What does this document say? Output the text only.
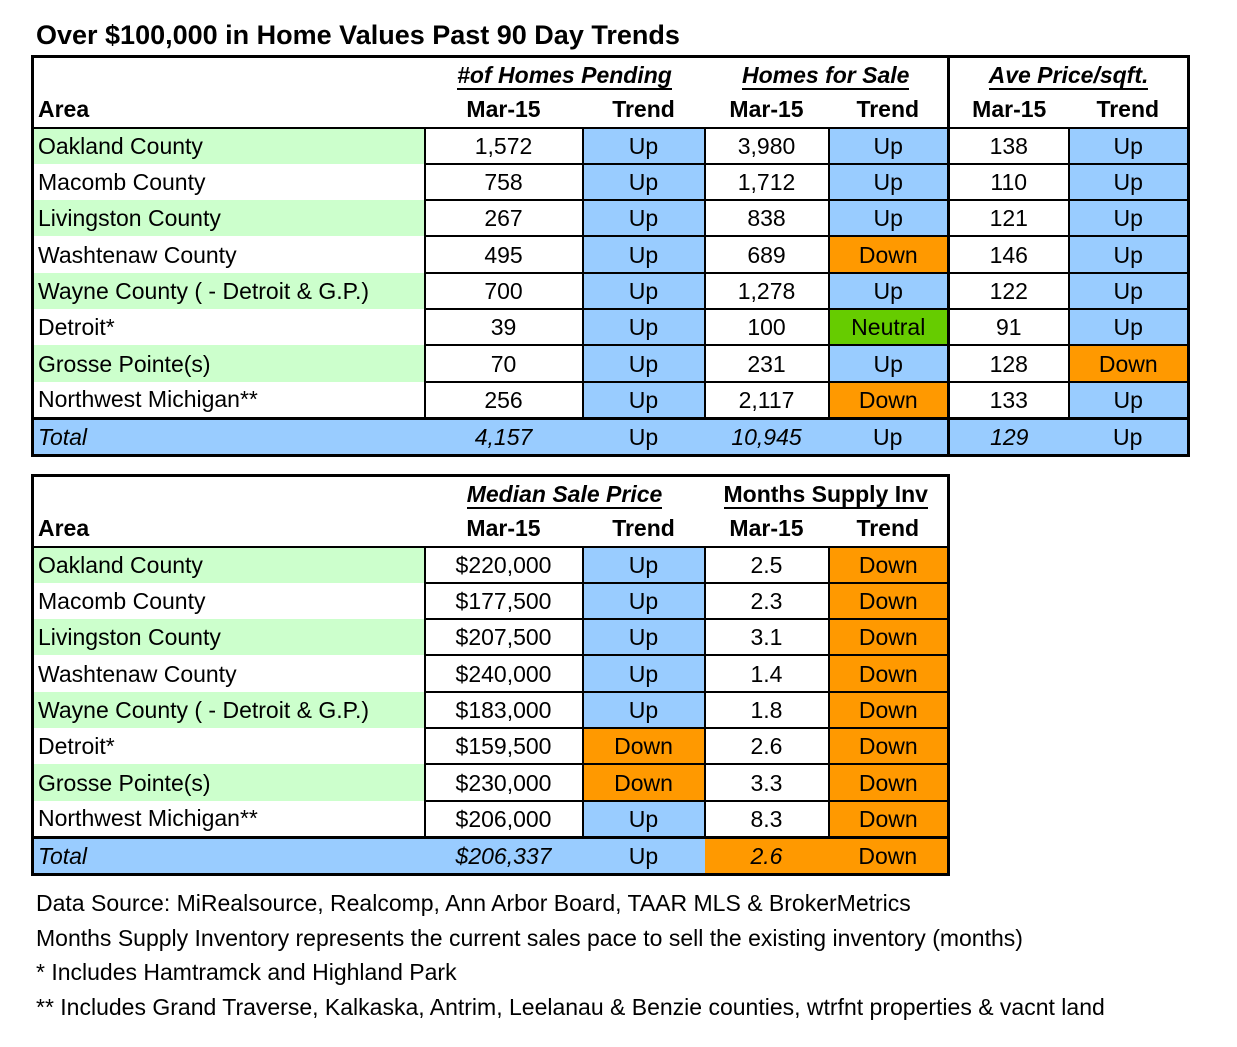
Over $100,000 in Home Values Past 90 Day Trends
	#of Homes Pending		Homes for Sale		Ave Price/sqft.	
Area	Mar-15	Trend	Mar-15	Trend	Mar-15	Trend
Oakland County	1,572	Up	3,980	Up	138	Up
Macomb County	758	Up	1,712	Up	110	Up
Livingston County	267	Up	838	Up	121	Up
Washtenaw County	495	Up	689	Down	146	Up
Wayne County ( - Detroit & G.P.)	700	Up	1,278	Up	122	Up
Detroit*	39	Up	100	Neutral	91	Up
Grosse Pointe(s)	70	Up	231	Up	128	Down
Northwest Michigan**	256	Up	2,117	Down	133	Up
Total	4,157	Up	10,945	Up	129	Up
	Median Sale Price		Months Supply Inv	
Area	Mar-15	Trend	Mar-15	Trend
Oakland County	$220,000	Up	2.5	Down
Macomb County	$177,500	Up	2.3	Down
Livingston County	$207,500	Up	3.1	Down
Washtenaw County	$240,000	Up	1.4	Down
Wayne County ( - Detroit & G.P.)	$183,000	Up	1.8	Down
Detroit*	$159,500	Down	2.6	Down
Grosse Pointe(s)	$230,000	Down	3.3	Down
Northwest Michigan**	$206,000	Up	8.3	Down
Total	$206,337	Up	2.6	Down
Data Source: MiRealsource, Realcomp, Ann Arbor Board, TAAR MLS & BrokerMetrics
Months Supply Inventory represents the current sales pace to sell the existing inventory (months)
* Includes Hamtramck and Highland Park
** Includes Grand Traverse, Kalkaska, Antrim, Leelanau & Benzie counties, wtrfnt properties & vacnt land
